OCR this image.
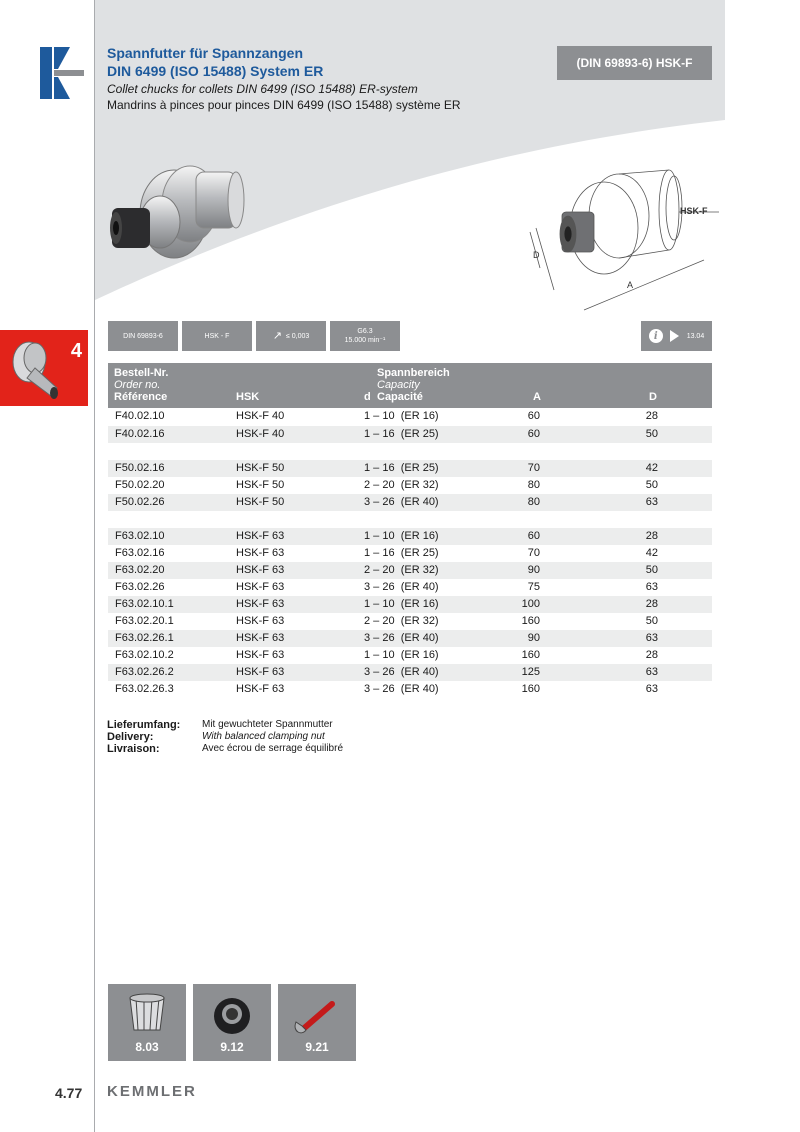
Spannfutter für Spannzangen
DIN 6499 (ISO 15488) System ER
Collet chucks for collets DIN 6499 (ISO 15488) ER-system
Mandrins à pinces pour pinces DIN 6499 (ISO 15488) système ER
(DIN 69893-6) HSK-F
D
A
HSK-F
4
DIN 69893-6	HSK - F	↗ ≤ 0,003
G6.3
15.000 min⁻¹	i	13.04
Bestell-Nr.
Order no.
Référence	HSK	d
Spannbereich
Capacity
Capacité	A	D
F40.02.10	HSK-F 40	1 – 10  (ER 16)	60	28
F40.02.16	HSK-F 40	1 – 16  (ER 25)	60	50
F50.02.16	HSK-F 50	1 – 16  (ER 25)	70	42
F50.02.20	HSK-F 50	2 – 20  (ER 32)	80	50
F50.02.26	HSK-F 50	3 – 26  (ER 40)	80	63
F63.02.10	HSK-F 63	1 – 10  (ER 16)	60	28
F63.02.16	HSK-F 63	1 – 16  (ER 25)	70	42
F63.02.20	HSK-F 63	2 – 20  (ER 32)	90	50
F63.02.26	HSK-F 63	3 – 26  (ER 40)	75	63
F63.02.10.1	HSK-F 63	1 – 10  (ER 16)	100	28
F63.02.20.1	HSK-F 63	2 – 20  (ER 32)	160	50
F63.02.26.1	HSK-F 63	3 – 26  (ER 40)	90	63
F63.02.10.2	HSK-F 63	1 – 10  (ER 16)	160	28
F63.02.26.2	HSK-F 63	3 – 26  (ER 40)	125	63
F63.02.26.3	HSK-F 63	3 – 26  (ER 40)	160	63
Lieferumfang: Mit gewuchteter Spannmutter
Delivery:	With balanced clamping nut
Livraison:	Avec écrou de serrage équilibré
8.03	9.12	9.21
4.77 KEMMLER
